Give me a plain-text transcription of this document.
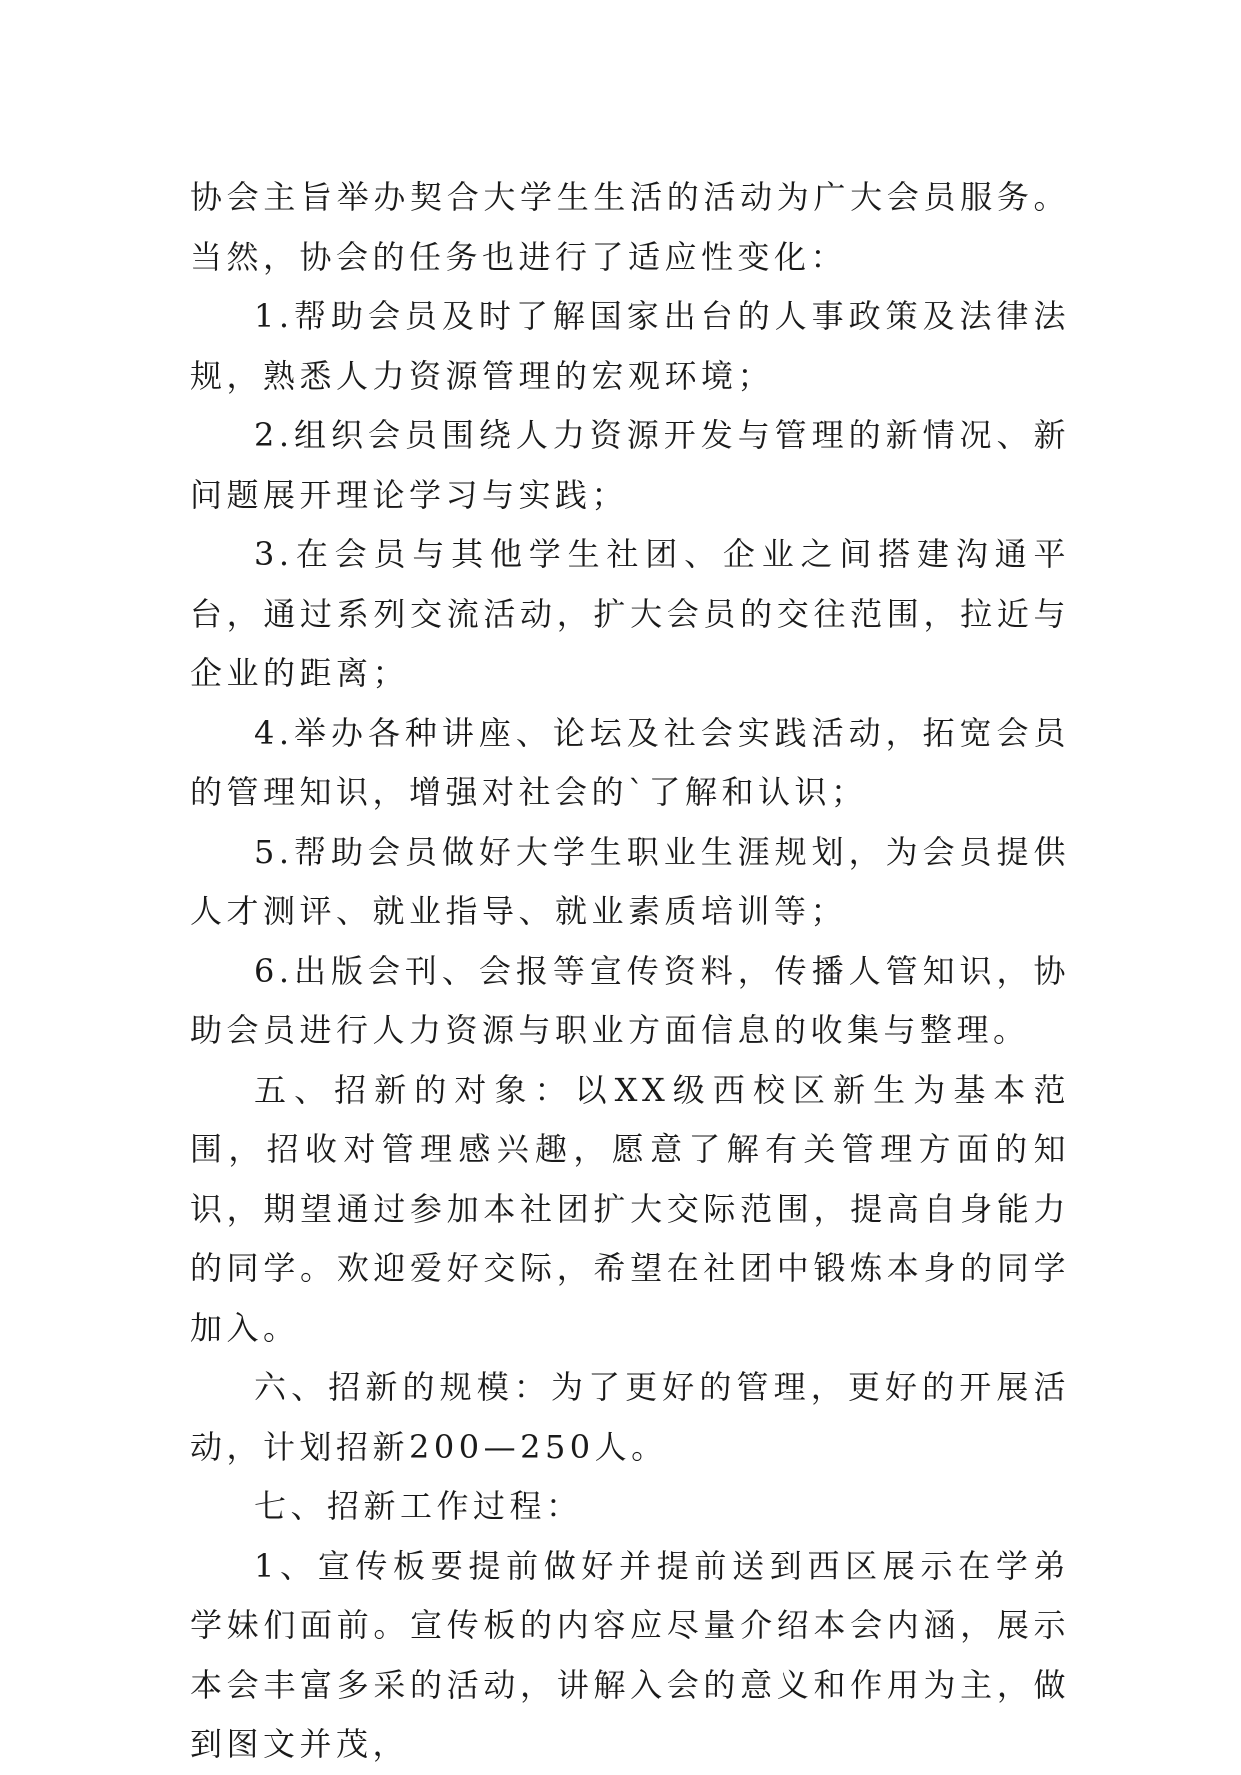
协会主旨举办契合大学生生活的活动为广大会员服务。当然，协会的任务也进行了适应性变化：

1.帮助会员及时了解国家出台的人事政策及法律法规，熟悉人力资源管理的宏观环境；

2.组织会员围绕人力资源开发与管理的新情况、新问题展开理论学习与实践；

3.在会员与其他学生社团、企业之间搭建沟通平台，通过系列交流活动，扩大会员的交往范围，拉近与企业的距离；

4.举办各种讲座、论坛及社会实践活动，拓宽会员的管理知识，增强对社会的`了解和认识；

5.帮助会员做好大学生职业生涯规划，为会员提供人才测评、就业指导、就业素质培训等；

6.出版会刊、会报等宣传资料，传播人管知识，协助会员进行人力资源与职业方面信息的收集与整理。

五、招新的对象：以XX级西校区新生为基本范围，招收对管理感兴趣，愿意了解有关管理方面的知识，期望通过参加本社团扩大交际范围，提高自身能力的同学。欢迎爱好交际，希望在社团中锻炼本身的同学加入。

六、招新的规模：为了更好的管理，更好的开展活动，计划招新200—250人。

七、招新工作过程：

1、宣传板要提前做好并提前送到西区展示在学弟学妹们面前。宣传板的内容应尽量介绍本会内涵，展示本会丰富多采的活动，讲解入会的意义和作用为主，做到图文并茂，
